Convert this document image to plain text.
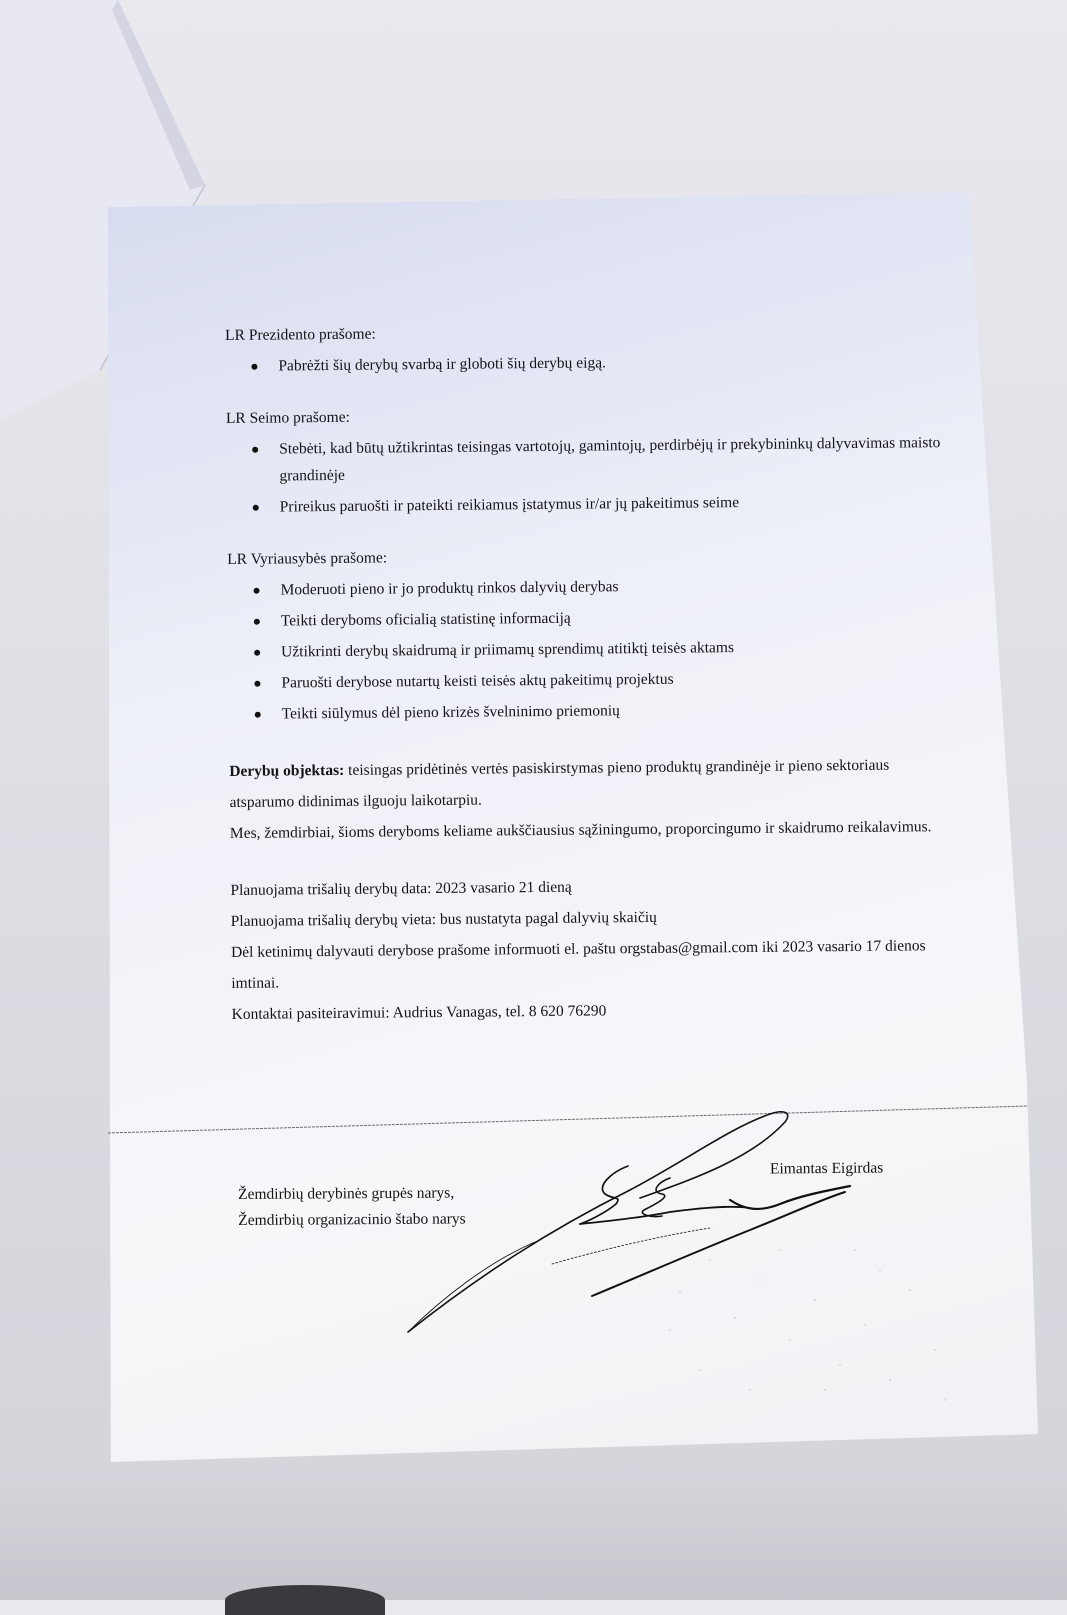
LR Prezidento prašome:

Pabrėžti šių derybų svarbą ir globoti šių derybų eigą.

LR Seimo prašome:

Stebėti, kad būtų užtikrintas teisingas vartotojų, gamintojų, perdirbėjų ir prekybininkų dalyvavimas maisto grandinėje
Prireikus paruošti ir pateikti reikiamus įstatymus ir/ar jų pakeitimus seime

LR Vyriausybės prašome:

Moderuoti pieno ir jo produktų rinkos dalyvių derybas
Teikti deryboms oficialią statistinę informaciją
Užtikrinti derybų skaidrumą ir priimamų sprendimų atitiktį teisės aktams
Paruošti derybose nutartų keisti teisės aktų pakeitimų projektus
Teikti siūlymus dėl pieno krizės švelninimo priemonių

Derybų objektas: teisingas pridėtinės vertės pasiskirstymas pieno produktų grandinėje ir pieno sektoriaus atsparumo didinimas ilguoju laikotarpiu.

Mes, žemdirbiai, šioms deryboms keliame aukščiausius sąžiningumo, proporcingumo ir skaidrumo reikalavimus.

Planuojama trišalių derybų data: 2023 vasario 21 dieną

Planuojama trišalių derybų vieta: bus nustatyta pagal dalyvių skaičių

Dėl ketinimų dalyvauti derybose prašome informuoti el. paštu orgstabas@gmail.com iki 2023 vasario 17 dienos imtinai.

Kontaktai pasiteiravimui: Audrius Vanagas, tel. 8 620 76290

Žemdirbių derybinės grupės narys,
Žemdirbių organizacinio štabo narys
Eimantas Eigirdas
